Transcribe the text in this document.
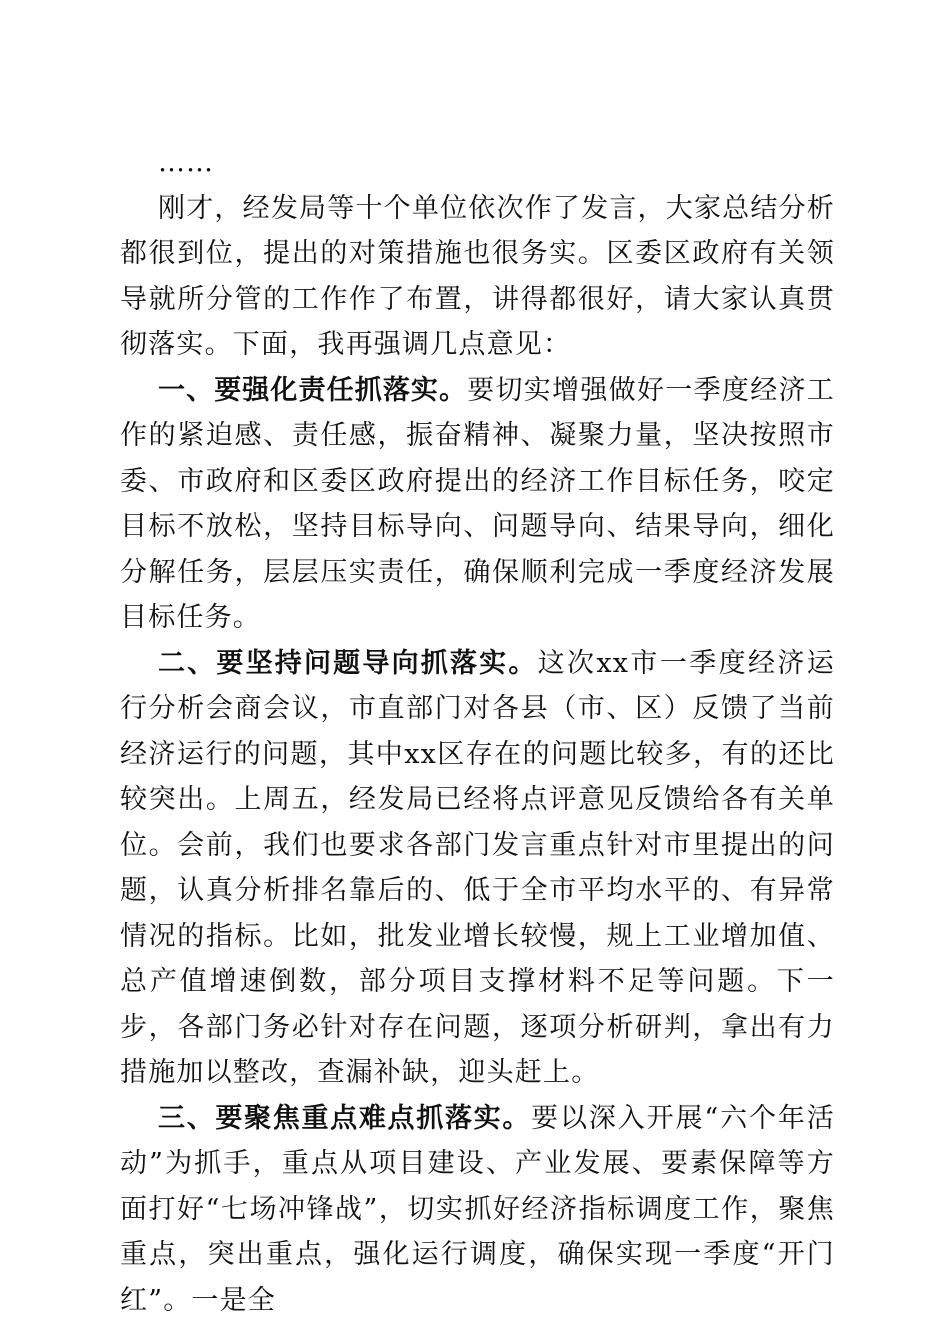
……

刚才，经发局等十个单位依次作了发言，大家总结分析都很到位，提出的对策措施也很务实。区委区政府有关领导就所分管的工作作了布置，讲得都很好，请大家认真贯彻落实。下面，我再强调几点意见：

一、要强化责任抓落实。要切实增强做好一季度经济工作的紧迫感、责任感，振奋精神、凝聚力量，坚决按照市委、市政府和区委区政府提出的经济工作目标任务，咬定目标不放松，坚持目标导向、问题导向、结果导向，细化分解任务，层层压实责任，确保顺利完成一季度经济发展目标任务。

二、要坚持问题导向抓落实。这次xx市一季度经济运行分析会商会议，市直部门对各县（市、区）反馈了当前经济运行的问题，其中xx区存在的问题比较多，有的还比较突出。上周五，经发局已经将点评意见反馈给各有关单位。会前，我们也要求各部门发言重点针对市里提出的问题，认真分析排名靠后的、低于全市平均水平的、有异常情况的指标。比如，批发业增长较慢，规上工业增加值、总产值增速倒数，部分项目支撑材料不足等问题。下一步，各部门务必针对存在问题，逐项分析研判，拿出有力措施加以整改，查漏补缺，迎头赶上。

三、要聚焦重点难点抓落实。要以深入开展“六个年活动”为抓手，重点从项目建设、产业发展、要素保障等方面打好“七场冲锋战”，切实抓好经济指标调度工作，聚焦重点，突出重点，强化运行调度，确保实现一季度“开门红”。一是全
